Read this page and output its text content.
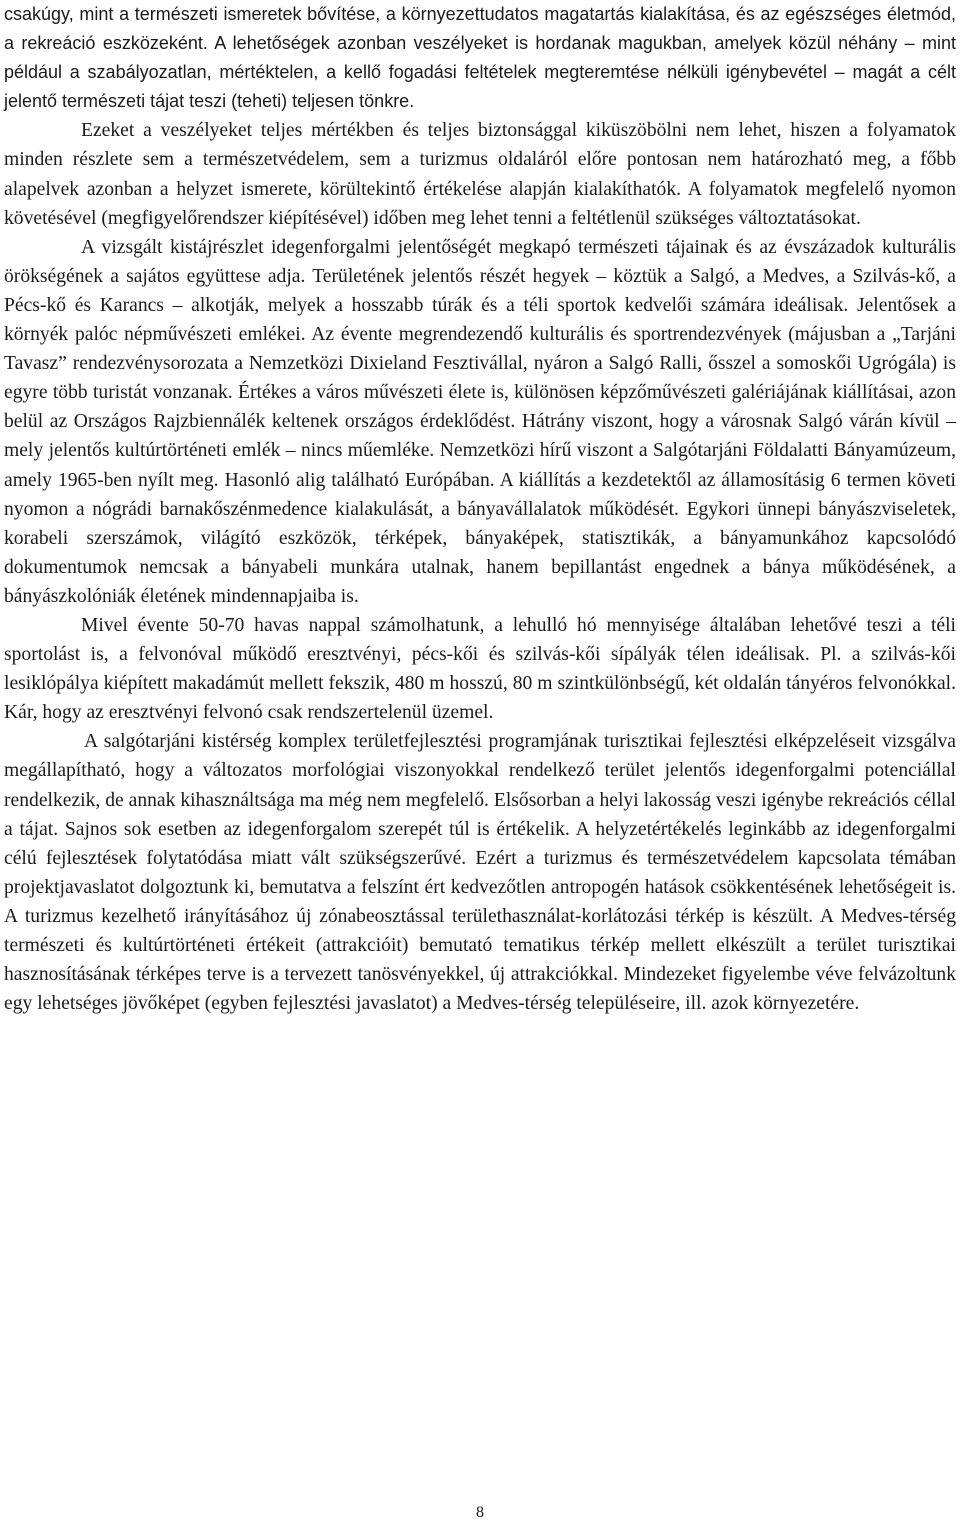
csakúgy, mint a természeti ismeretek bővítése, a környezettudatos magatartás kialakítása, és az egészséges életmód, a rekreáció eszközeként. A lehetőségek azonban veszélyeket is hordanak magukban, amelyek közül néhány – mint például a szabályozatlan, mértéktelen, a kellő fogadási feltételek megteremtése nélküli igénybevétel – magát a célt jelentő természeti tájat teszi (teheti) teljesen tönkre.

Ezeket a veszélyeket teljes mértékben és teljes biztonsággal kiküszöbölni nem lehet, hiszen a folyamatok minden részlete sem a természetvédelem, sem a turizmus oldaláról előre pontosan nem határozható meg, a főbb alapelvek azonban a helyzet ismerete, körültekintő értékelése alapján kialakíthatók. A folyamatok megfelelő nyomon követésével (megfigyelőrendszer kiépítésével) időben meg lehet tenni a feltétlenül szükséges változtatásokat.

A vizsgált kistájrészlet idegenforgalmi jelentőségét megkapó természeti tájainak és az évszázadok kulturális örökségének a sajátos együttese adja. Területének jelentős részét hegyek – köztük a Salgó, a Medves, a Szilvás-kő, a Pécs-kő és Karancs – alkotják, melyek a hosszabb túrák és a téli sportok kedvelői számára ideálisak. Jelentősek a környék palóc népművészeti emlékei. Az évente megrendezendő kulturális és sportrendezvények (májusban a „Tarjáni Tavasz” rendezvénysorozata a Nemzetközi Dixieland Fesztivállal, nyáron a Salgó Ralli, ősszel a somoskői Ugrógála) is egyre több turistát vonzanak. Értékes a város művészeti élete is, különösen képzőművészeti galériájának kiállításai, azon belül az Országos Rajzbiennálék keltenek országos érdeklődést. Hátrány viszont, hogy a városnak Salgó várán kívül – mely jelentős kultúrtörténeti emlék – nincs műemléke. Nemzetközi hírű viszont a Salgótarjáni Földalatti Bányamúzeum, amely 1965-ben nyílt meg. Hasonló alig található Európában. A kiállítás a kezdetektől az államosításig 6 termen követi nyomon a nógrádi barnakőszénmedence kialakulását, a bányavállalatok működését. Egykori ünnepi bányászviseletek, korabeli szerszámok, világító eszközök, térképek, bányaképek, statisztikák, a bányamunkához kapcsolódó dokumentumok nemcsak a bányabeli munkára utalnak, hanem bepillantást engednek a bánya működésének, a bányászkolóniák életének mindennapjaiba is.

Mivel évente 50-70 havas nappal számolhatunk, a lehulló hó mennyisége általában lehetővé teszi a téli sportolást is, a felvonóval működő eresztvényi, pécs-kői és szilvás-kői sípályák télen ideálisak. Pl. a szilvás-kői lesiklópálya kiépített makadámút mellett fekszik, 480 m hosszú, 80 m szintkülönbségű, két oldalán tányéros felvonókkal. Kár, hogy az eresztvényi felvonó csak rendszertelenül üzemel.

A salgótarjáni kistérség komplex területfejlesztési programjának turisztikai fejlesztési elképzeléseit vizsgálva megállapítható, hogy a változatos morfológiai viszonyokkal rendelkező terület jelentős idegenforgalmi potenciállal rendelkezik, de annak kihasználtsága ma még nem megfelelő. Elsősorban a helyi lakosság veszi igénybe rekreációs céllal a tájat. Sajnos sok esetben az idegenforgalom szerepét túl is értékelik. A helyzetértékelés leginkább az idegenforgalmi célú fejlesztések folytatódása miatt vált szükségszerűvé. Ezért a turizmus és természetvédelem kapcsolata témában projektjavaslatot dolgoztunk ki, bemutatva a felszínt ért kedvezőtlen antropogén hatások csökkentésének lehetőségeit is. A turizmus kezelhető irányításához új zónabeosztással területhasználat-korlátozási térkép is készült. A Medves-térség természeti és kultúrtörténeti értékeit (attrakcióit) bemutató tematikus térkép mellett elkészült a terület turisztikai hasznosításának térképes terve is a tervezett tanösvényekkel, új attrakciókkal. Mindezeket figyelembe véve felvázoltunk egy lehetséges jövőképet (egyben fejlesztési javaslatot) a Medves-térség településeire, ill. azok környezetére.

8
